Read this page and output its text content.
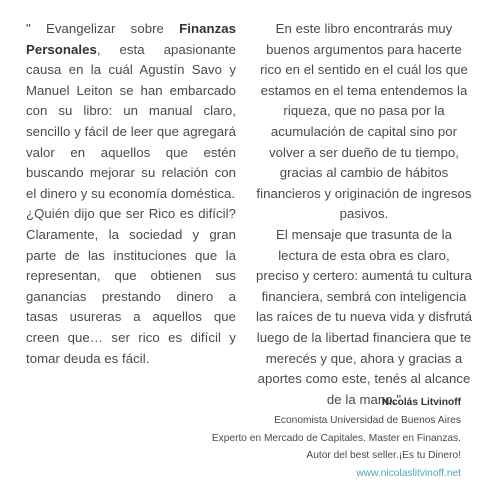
" Evangelizar sobre Finanzas Personales, esta apasionante causa en la cuál Agustín Savo y Manuel Leiton se han embarcado con su libro: un manual claro, sencillo y fácil de leer que agregará valor en aquellos que estén buscando mejorar su relación con el dinero y su economía doméstica.

¿Quién dijo que ser Rico es difícil? Claramente, la sociedad y gran parte de las instituciones que la representan, que obtienen sus ganancias prestando dinero a tasas usureras a aquellos que creen que… ser rico es difícil y tomar deuda es fácil.

En este libro encontrarás muy buenos argumentos para hacerte rico en el sentido en el cuál los que estamos en el tema entendemos la riqueza, que no pasa por la acumulación de capital sino por volver a ser dueño de tu tiempo, gracias al cambio de hábitos financieros y originación de ingresos pasivos.

El mensaje que trasunta de la lectura de esta obra es claro, preciso y certero: aumentá tu cultura financiera, sembrá con inteligencia las raíces de tu nueva vida y disfrutá luego de la libertad financiera que te merecés y que, ahora y gracias a aportes como este, tenés al alcance de la mano."

Nicolás Litvinoff
Economista Universidad de Buenos Aires
Experto en Mercado de Capitales. Master en Finanzas.
Autor del best seller.¡Es tu Dinero!
www.nicolaslitvinoff.net
